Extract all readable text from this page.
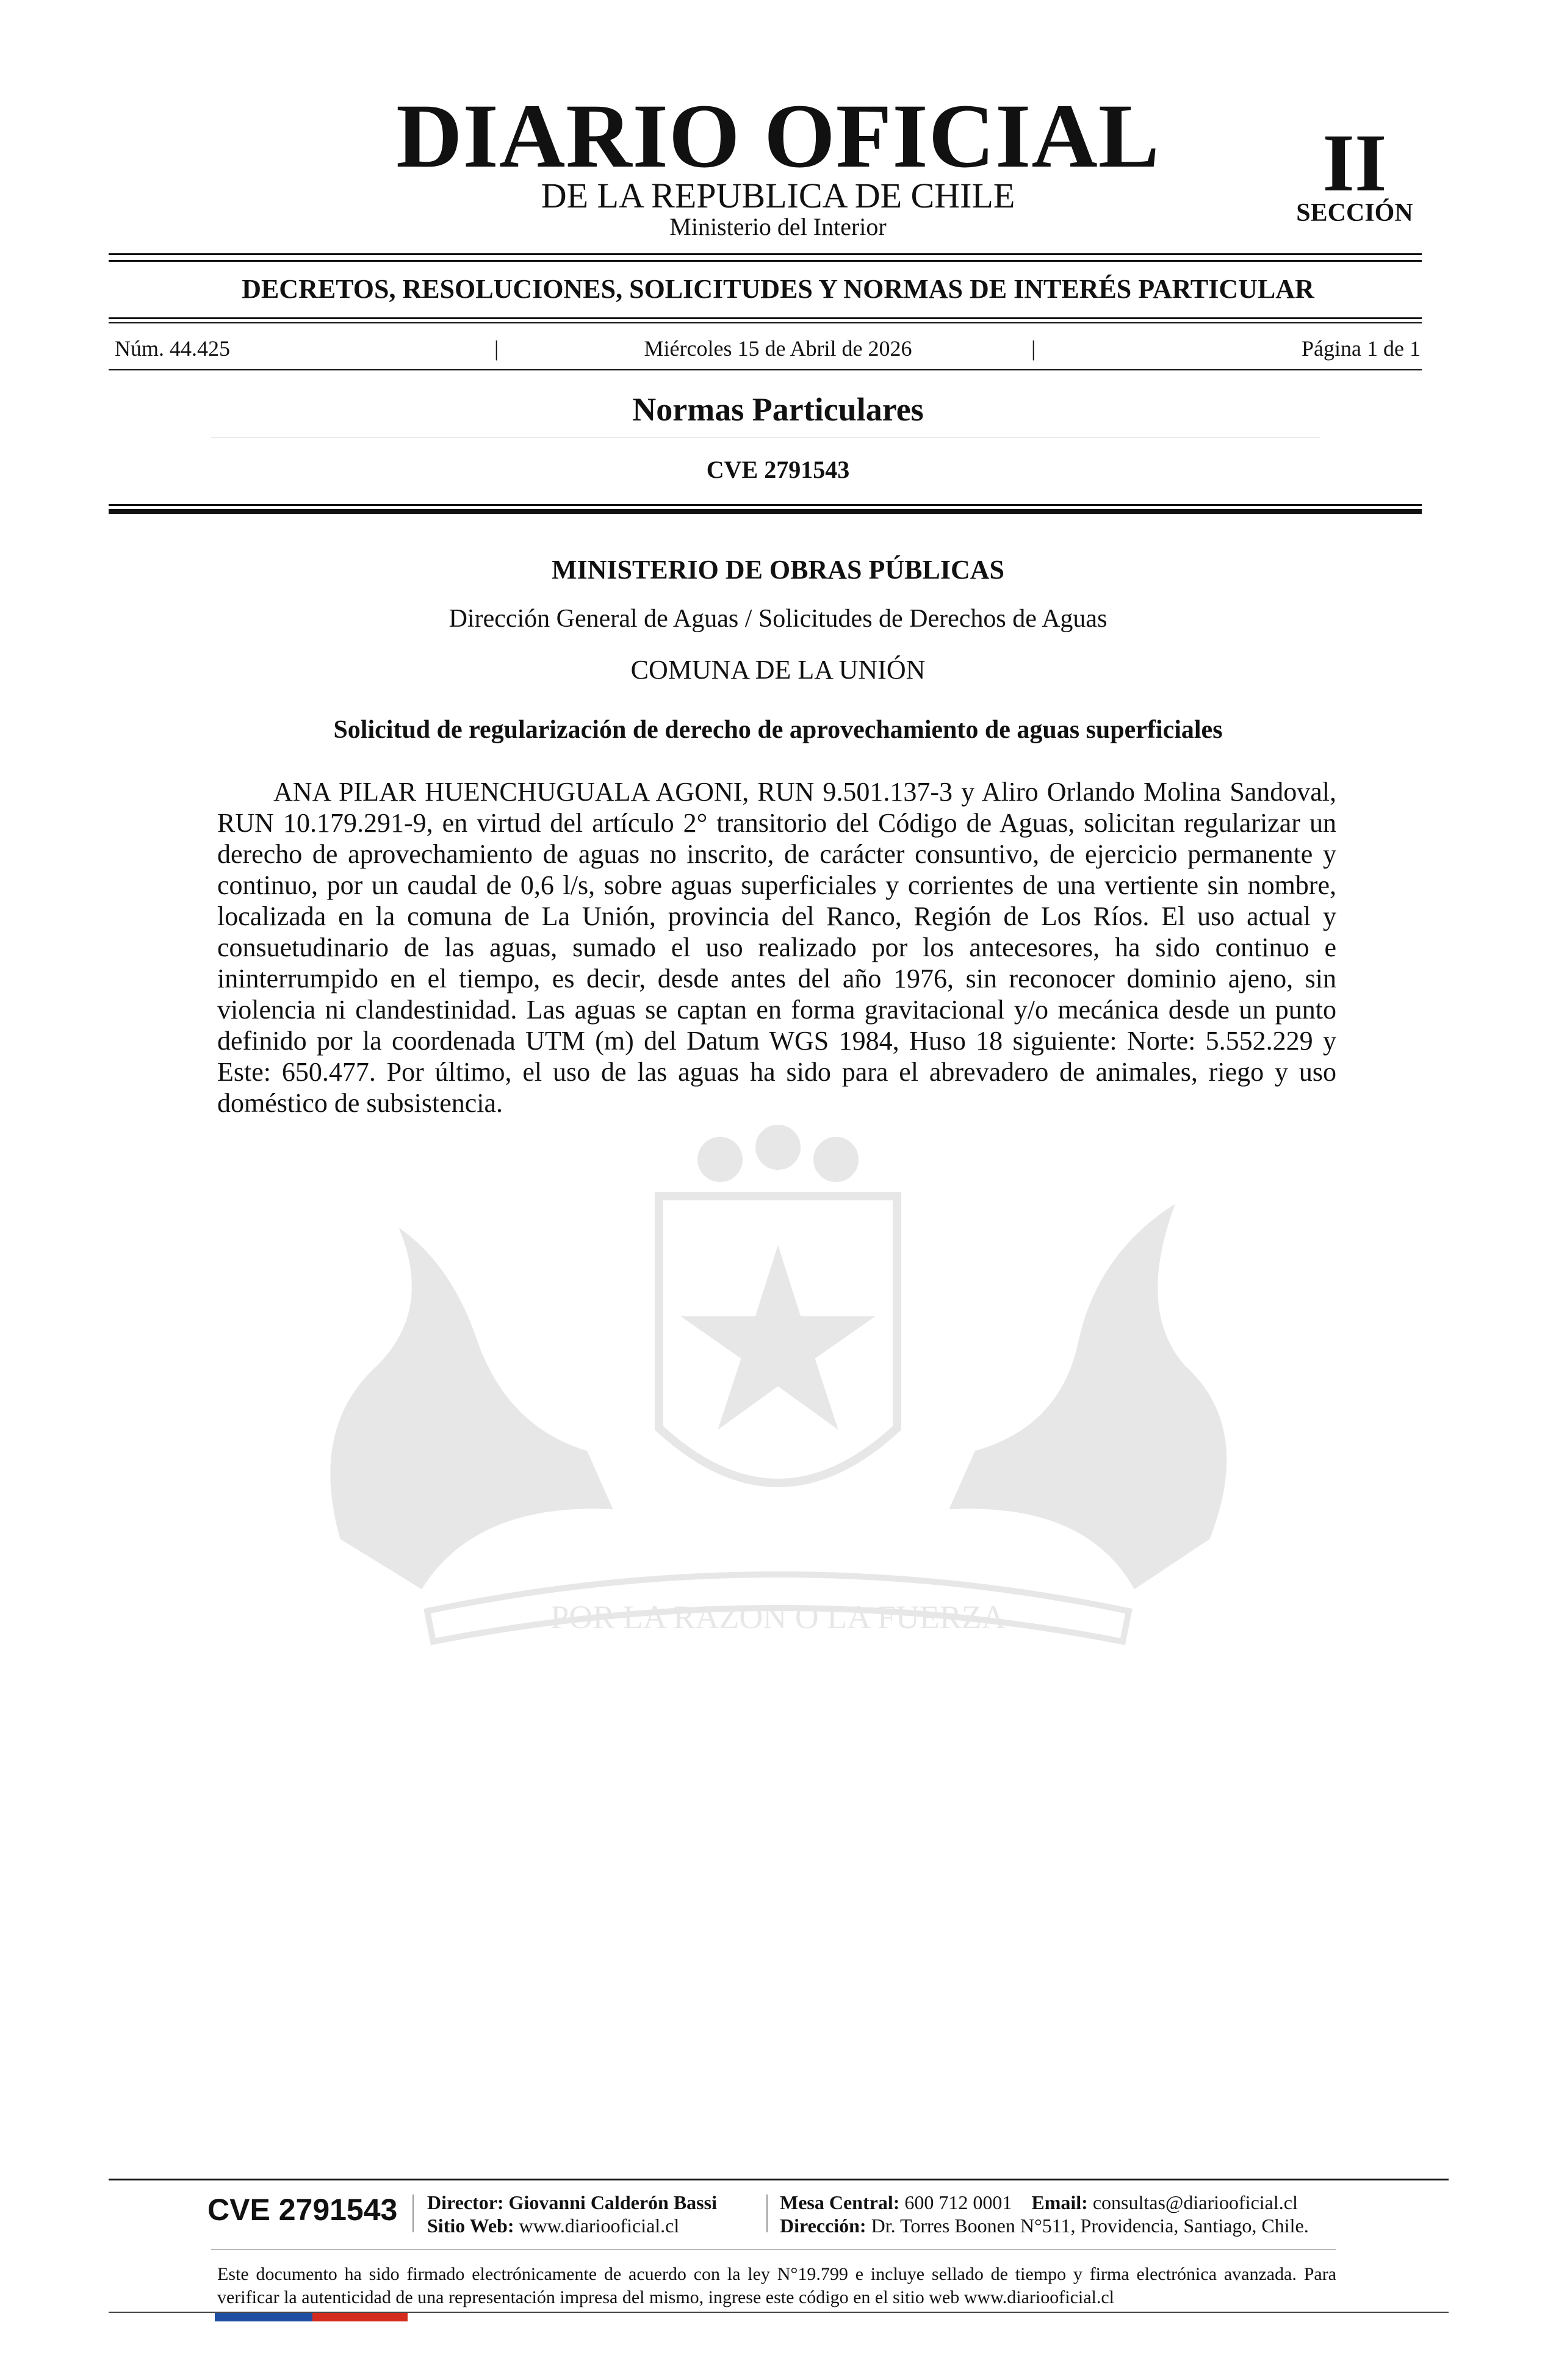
DIARIO OFICIAL
DE LA REPUBLICA DE CHILE
Ministerio del Interior
II
SECCIÓN
DECRETOS, RESOLUCIONES, SOLICITUDES Y NORMAS DE INTERÉS PARTICULAR
Núm. 44.425	|	Miércoles 15 de Abril de 2026	|	Página 1 de 1
Normas Particulares
CVE 2791543
POR LA RAZON O LA FUERZA
MINISTERIO DE OBRAS PÚBLICAS
Dirección General de Aguas / Solicitudes de Derechos de Aguas
COMUNA DE LA UNIÓN
Solicitud de regularización de derecho de aprovechamiento de aguas superficiales
ANA PILAR HUENCHUGUALA AGONI, RUN 9.501.137-3 y Aliro Orlando Molina Sandoval, RUN 10.179.291-9, en virtud del artículo 2° transitorio del Código de Aguas, solicitan regularizar un derecho de aprovechamiento de aguas no inscrito, de carácter consuntivo, de ejercicio permanente y continuo, por un caudal de 0,6 l/s, sobre aguas superficiales y corrientes de una vertiente sin nombre, localizada en la comuna de La Unión, provincia del Ranco, Región de Los Ríos. El uso actual y consuetudinario de las aguas, sumado el uso realizado por los antecesores, ha sido continuo e ininterrumpido en el tiempo, es decir, desde antes del año 1976, sin reconocer dominio ajeno, sin violencia ni clandestinidad. Las aguas se captan en forma gravitacional y/o mecánica desde un punto definido por la coordenada UTM (m) del Datum WGS 1984, Huso 18 siguiente: Norte: 5.552.229 y Este: 650.477. Por último, el uso de las aguas ha sido para el abrevadero de animales, riego y uso doméstico de subsistencia.
CVE 2791543 Director: Giovanni Calderón Bassi
Sitio Web: www.diariooficial.cl
Mesa Central: 600 712 0001 Email: consultas@diariooficial.cl
Dirección: Dr. Torres Boonen N°511, Providencia, Santiago, Chile.
Este documento ha sido firmado electrónicamente de acuerdo con la ley N°19.799 e incluye sellado de tiempo y firma electrónica avanzada. Para verificar la autenticidad de una representación impresa del mismo, ingrese este código en el sitio web www.diariooficial.cl
